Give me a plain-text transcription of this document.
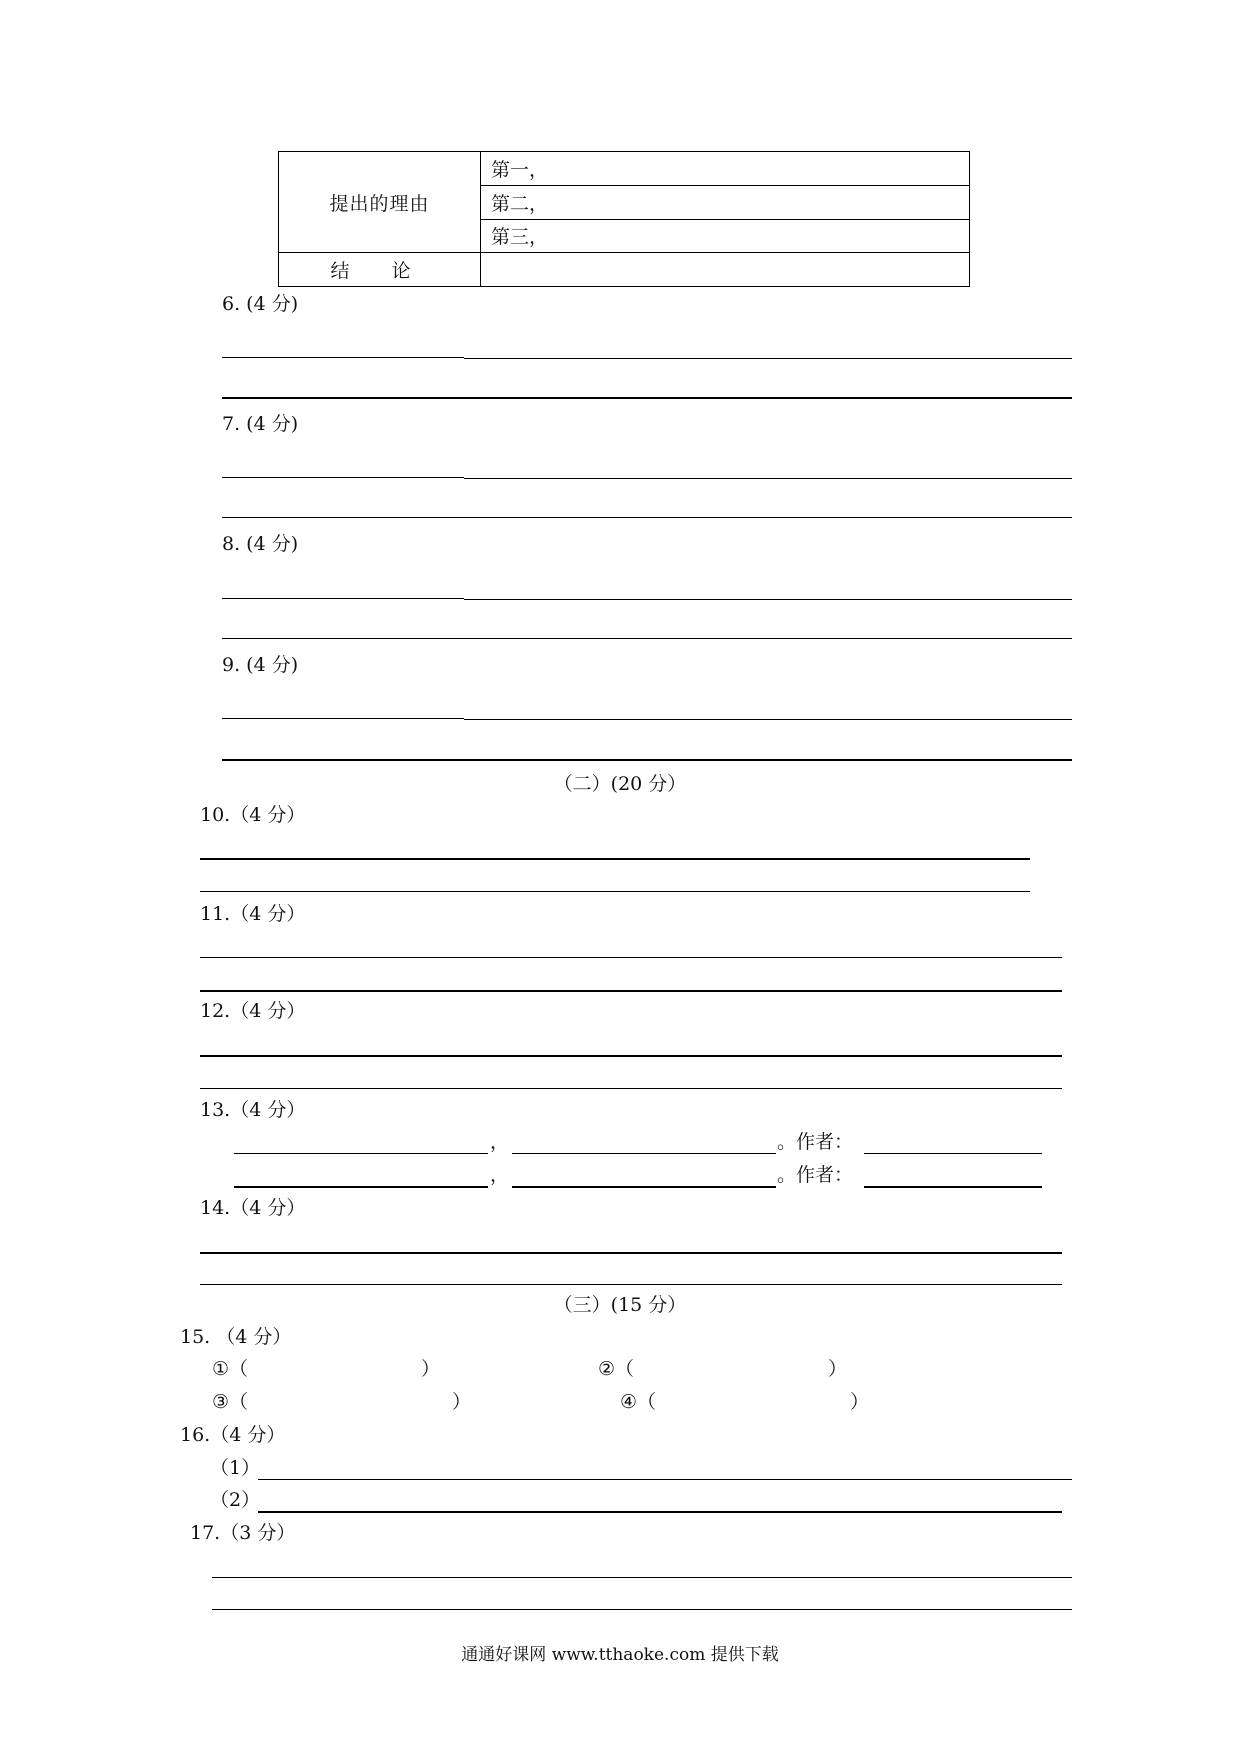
提出的理由	第一，
	第二，
	第三，
结 论	
6. (4 分)
7. (4 分)
8. (4 分)
9. (4 分)
（二）(20 分）
10.（4 分）
11.（4 分）
12.（4 分）
13.（4 分）
，	。作者：
，	。作者：
14.（4 分）
（三）(15 分）
15. （4 分）
①（	）	②（	）
③（	）	④（	）
16.（4 分）
（1）
（2）
17.（3 分）
通通好课网 www.tthaoke.com 提供下载
